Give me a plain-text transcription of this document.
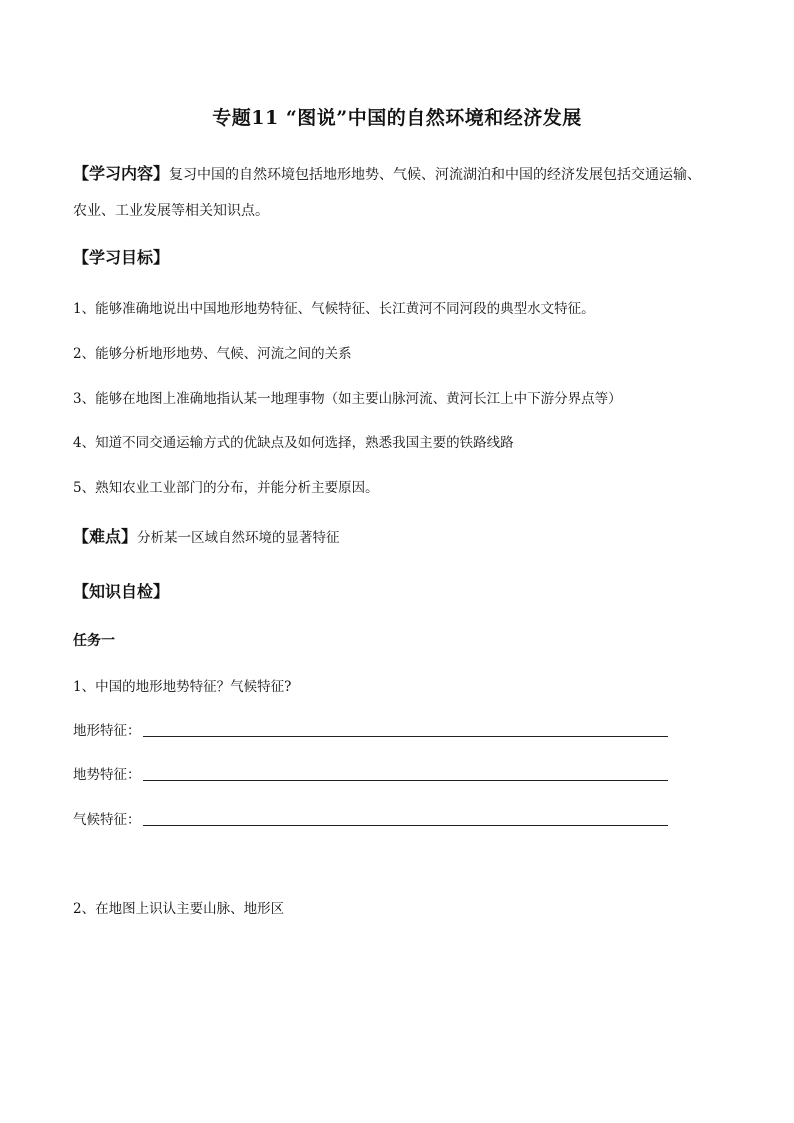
专题11 “图说”中国的自然环境和经济发展
【学习内容】复习中国的自然环境包括地形地势、气候、河流湖泊和中国的经济发展包括交通运输、
农业、工业发展等相关知识点。
【学习目标】
1、能够准确地说出中国地形地势特征、气候特征、长江黄河不同河段的典型水文特征。
2、能够分析地形地势、气候、河流之间的关系
3、能够在地图上准确地指认某一地理事物（如主要山脉河流、黄河长江上中下游分界点等）
4、知道不同交通运输方式的优缺点及如何选择，熟悉我国主要的铁路线路
5、熟知农业工业部门的分布，并能分析主要原因。
【难点】分析某一区域自然环境的显著特征
【知识自检】
任务一
1、中国的地形地势特征？气候特征?
地形特征：
地势特征：
气候特征：
2、在地图上识认主要山脉、地形区
